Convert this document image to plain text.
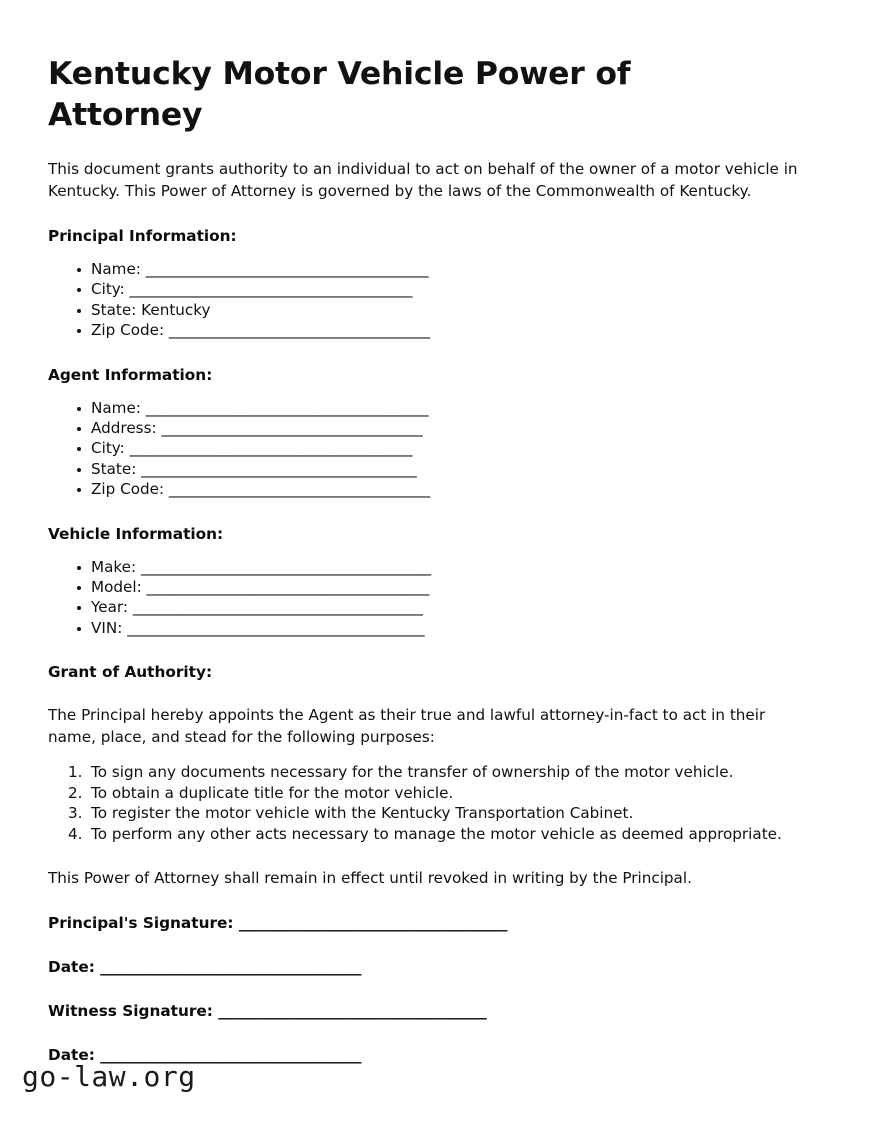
Kentucky Motor Vehicle Power of Attorney

This document grants authority to an individual to act on behalf of the owner of a motor vehicle in Kentucky. This Power of Attorney is governed by the laws of the Commonwealth of Kentucky.

Principal Information:
Name: _______________________________________
City: _______________________________________
State: Kentucky
Zip Code: ____________________________________
Agent Information:
Name: _______________________________________
Address: ____________________________________
City: _______________________________________
State: ______________________________________
Zip Code: ____________________________________
Vehicle Information:
Make: ________________________________________
Model: _______________________________________
Year: ________________________________________
VIN: _________________________________________
Grant of Authority:

The Principal hereby appoints the Agent as their true and lawful attorney-in-fact to act in their name, place, and stead for the following purposes:

To sign any documents necessary for the transfer of ownership of the motor vehicle.
To obtain a duplicate title for the motor vehicle.
To register the motor vehicle with the Kentucky Transportation Cabinet.
To perform any other acts necessary to manage the motor vehicle as deemed appropriate.

This Power of Attorney shall remain in effect until revoked in writing by the Principal.

Principal's Signature: _____________________________________
Date: ____________________________________
Witness Signature: _____________________________________
Date: ____________________________________
go-law.org
